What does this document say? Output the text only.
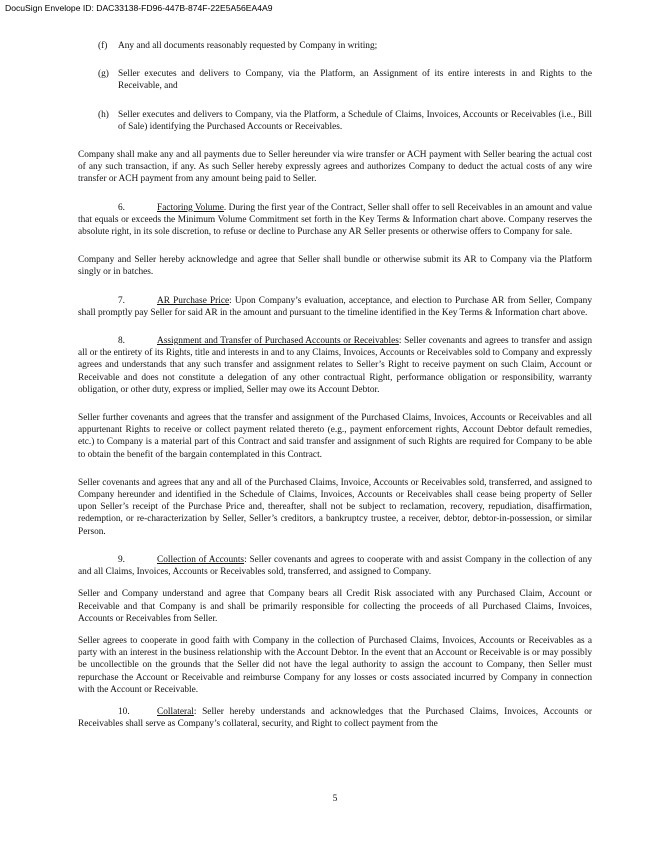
DocuSign Envelope ID: DAC33138-FD96-447B-874F-22E5A56EA4A9

(f) Any and all documents reasonably requested by Company in writing;

(g) Seller executes and delivers to Company, via the Platform, an Assignment of its entire interests in and Rights to the Receivable, and

(h) Seller executes and delivers to Company, via the Platform, a Schedule of Claims, Invoices, Accounts or Receivables (i.e., Bill of Sale) identifying the Purchased Accounts or Receivables.

Company shall make any and all payments due to Seller hereunder via wire transfer or ACH payment with Seller bearing the actual cost of any such transaction, if any. As such Seller hereby expressly agrees and authorizes Company to deduct the actual costs of any wire transfer or ACH payment from any amount being paid to Seller.

6.	Factoring Volume. During the first year of the Contract, Seller shall offer to sell Receivables in an amount and value that equals or exceeds the Minimum Volume Commitment set forth in the Key Terms & Information chart above. Company reserves the absolute right, in its sole discretion, to refuse or decline to Purchase any AR Seller presents or otherwise offers to Company for sale.

Company and Seller hereby acknowledge and agree that Seller shall bundle or otherwise submit its AR to Company via the Platform singly or in batches.

7.	AR Purchase Price: Upon Company’s evaluation, acceptance, and election to Purchase AR from Seller, Company shall promptly pay Seller for said AR in the amount and pursuant to the timeline identified in the Key Terms & Information chart above.

8.	Assignment and Transfer of Purchased Accounts or Receivables: Seller covenants and agrees to transfer and assign all or the entirety of its Rights, title and interests in and to any Claims, Invoices, Accounts or Receivables sold to Company and expressly agrees and understands that any such transfer and assignment relates to Seller’s Right to receive payment on such Claim, Account or Receivable and does not constitute a delegation of any other contractual Right, performance obligation or responsibility, warranty obligation, or other duty, express or implied, Seller may owe its Account Debtor.

Seller further covenants and agrees that the transfer and assignment of the Purchased Claims, Invoices, Accounts or Receivables and all appurtenant Rights to receive or collect payment related thereto (e.g., payment enforcement rights, Account Debtor default remedies, etc.) to Company is a material part of this Contract and said transfer and assignment of such Rights are required for Company to be able to obtain the benefit of the bargain contemplated in this Contract.

Seller covenants and agrees that any and all of the Purchased Claims, Invoice, Accounts or Receivables sold, transferred, and assigned to Company hereunder and identified in the Schedule of Claims, Invoices, Accounts or Receivables shall cease being property of Seller upon Seller’s receipt of the Purchase Price and, thereafter, shall not be subject to reclamation, recovery, repudiation, disaffirmation, redemption, or re-characterization by Seller, Seller’s creditors, a bankruptcy trustee, a receiver, debtor, debtor-in-possession, or similar Person.

9.	Collection of Accounts: Seller covenants and agrees to cooperate with and assist Company in the collection of any and all Claims, Invoices, Accounts or Receivables sold, transferred, and assigned to Company.

Seller and Company understand and agree that Company bears all Credit Risk associated with any Purchased Claim, Account or Receivable and that Company is and shall be primarily responsible for collecting the proceeds of all Purchased Claims, Invoices, Accounts or Receivables from Seller.

Seller agrees to cooperate in good faith with Company in the collection of Purchased Claims, Invoices, Accounts or Receivables as a party with an interest in the business relationship with the Account Debtor. In the event that an Account or Receivable is or may possibly be uncollectible on the grounds that the Seller did not have the legal authority to assign the account to Company, then Seller must repurchase the Account or Receivable and reimburse Company for any losses or costs associated incurred by Company in connection with the Account or Receivable.

10.	Collateral: Seller hereby understands and acknowledges that the Purchased Claims, Invoices, Accounts or Receivables shall serve as Company’s collateral, security, and Right to collect payment from the

5
